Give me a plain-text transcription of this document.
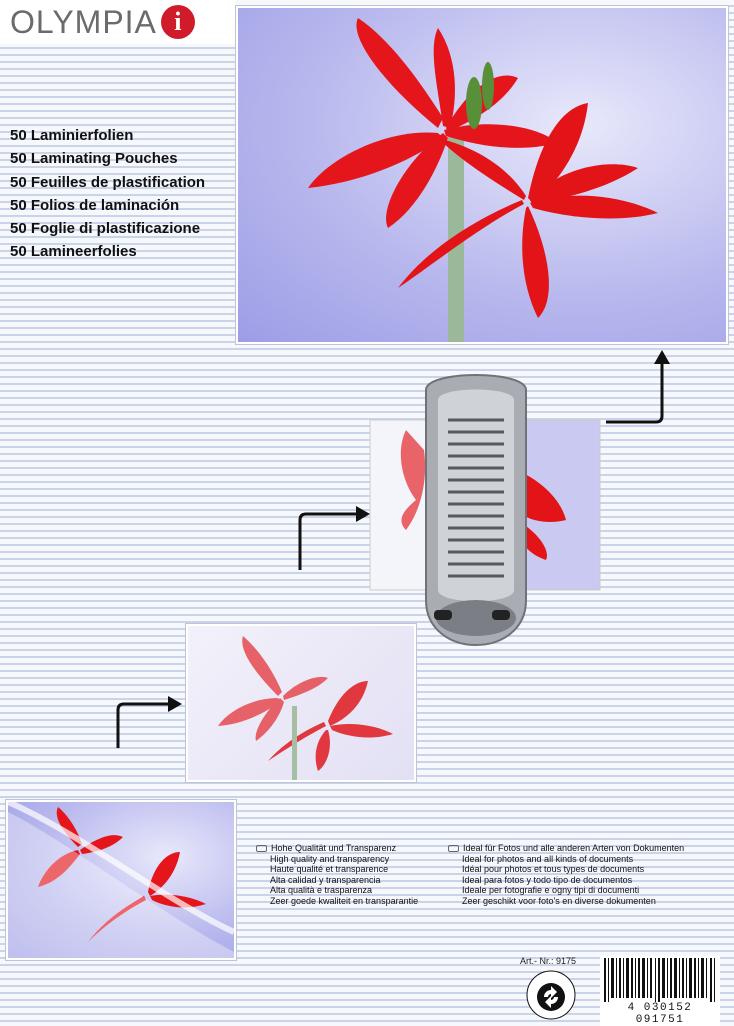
OLYMPIA i
50 Laminierfolien
50 Laminating Pouches
50 Feuilles de plastification
50 Folios de laminación
50 Foglie di plastificazione
50 Lamineerfolies
Hohe Qualität und Transparenz
High quality and transparency
Haute qualité et transparence
Alta calidad y transparencia
Alta qualità e trasparenza
Zeer goede kwaliteit en transparantie
Ideal für Fotos und alle anderen Arten von Dokumenten
Ideal for photos and all kinds of documents
Idéal pour photos et tous types de documents
Ideal para fotos y todo tipo de documentos
Ideale per fotografie e ogny tipi di documenti
Zeer geschikt voor foto's en diverse dokumenten
Art.- Nr.: 9175
4 030152 091751
